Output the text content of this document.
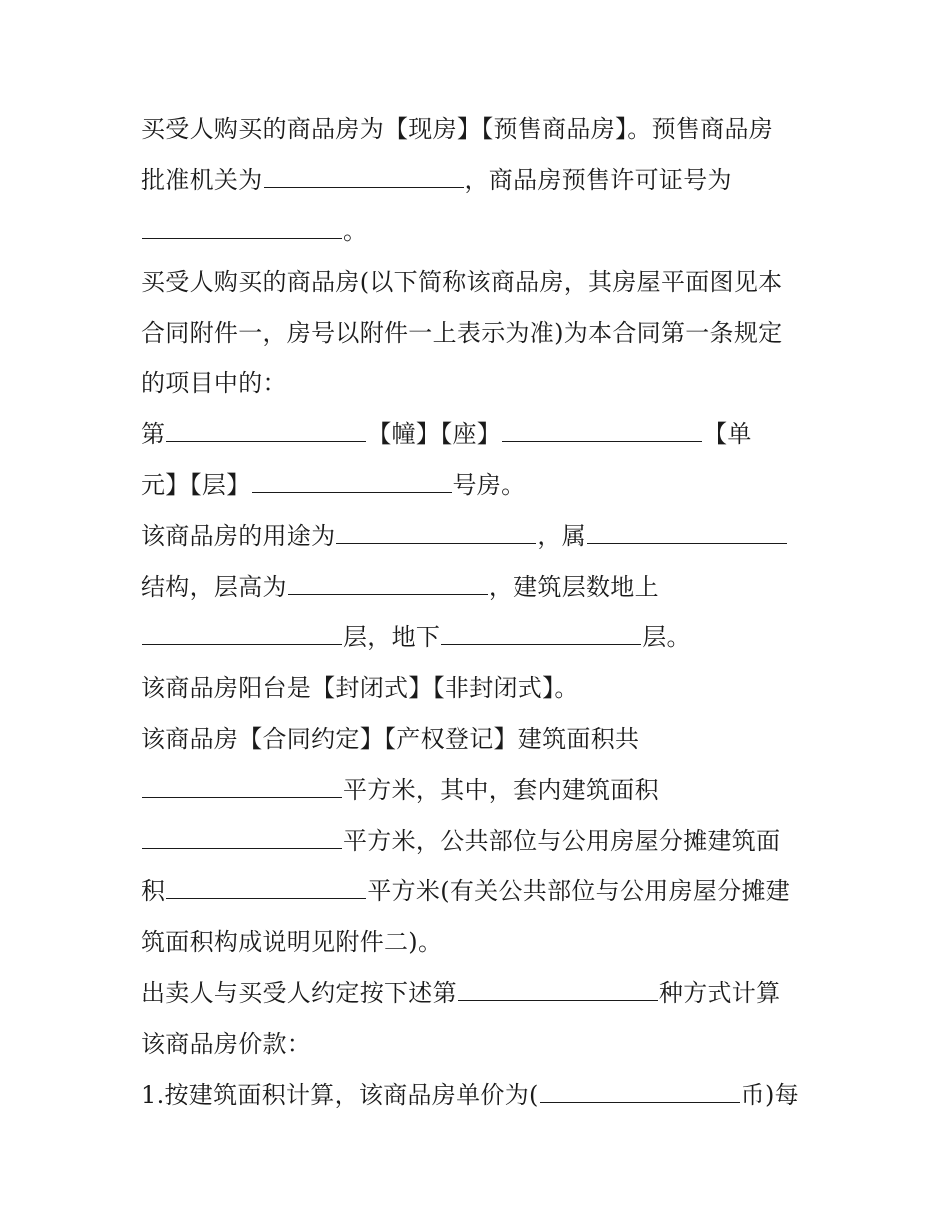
买受人购买的商品房为【现房】【预售商品房】。预售商品房
批准机关为	，商品房预售许可证号为
。
买受人购买的商品房(以下简称该商品房，其房屋平面图见本
合同附件一，房号以附件一上表示为准)为本合同第一条规定
的项目中的：
第	【幢】【座】	【单
元】【层】	号房。
该商品房的用途为	，属
结构，层高为	，建筑层数地上
层，地下	层。
该商品房阳台是【封闭式】【非封闭式】。
该商品房【合同约定】【产权登记】建筑面积共
平方米，其中，套内建筑面积
平方米，公共部位与公用房屋分摊建筑面
积	平方米(有关公共部位与公用房屋分摊建
筑面积构成说明见附件二)。
出卖人与买受人约定按下述第	种方式计算
该商品房价款：
1.按建筑面积计算，该商品房单价为(	币)每
